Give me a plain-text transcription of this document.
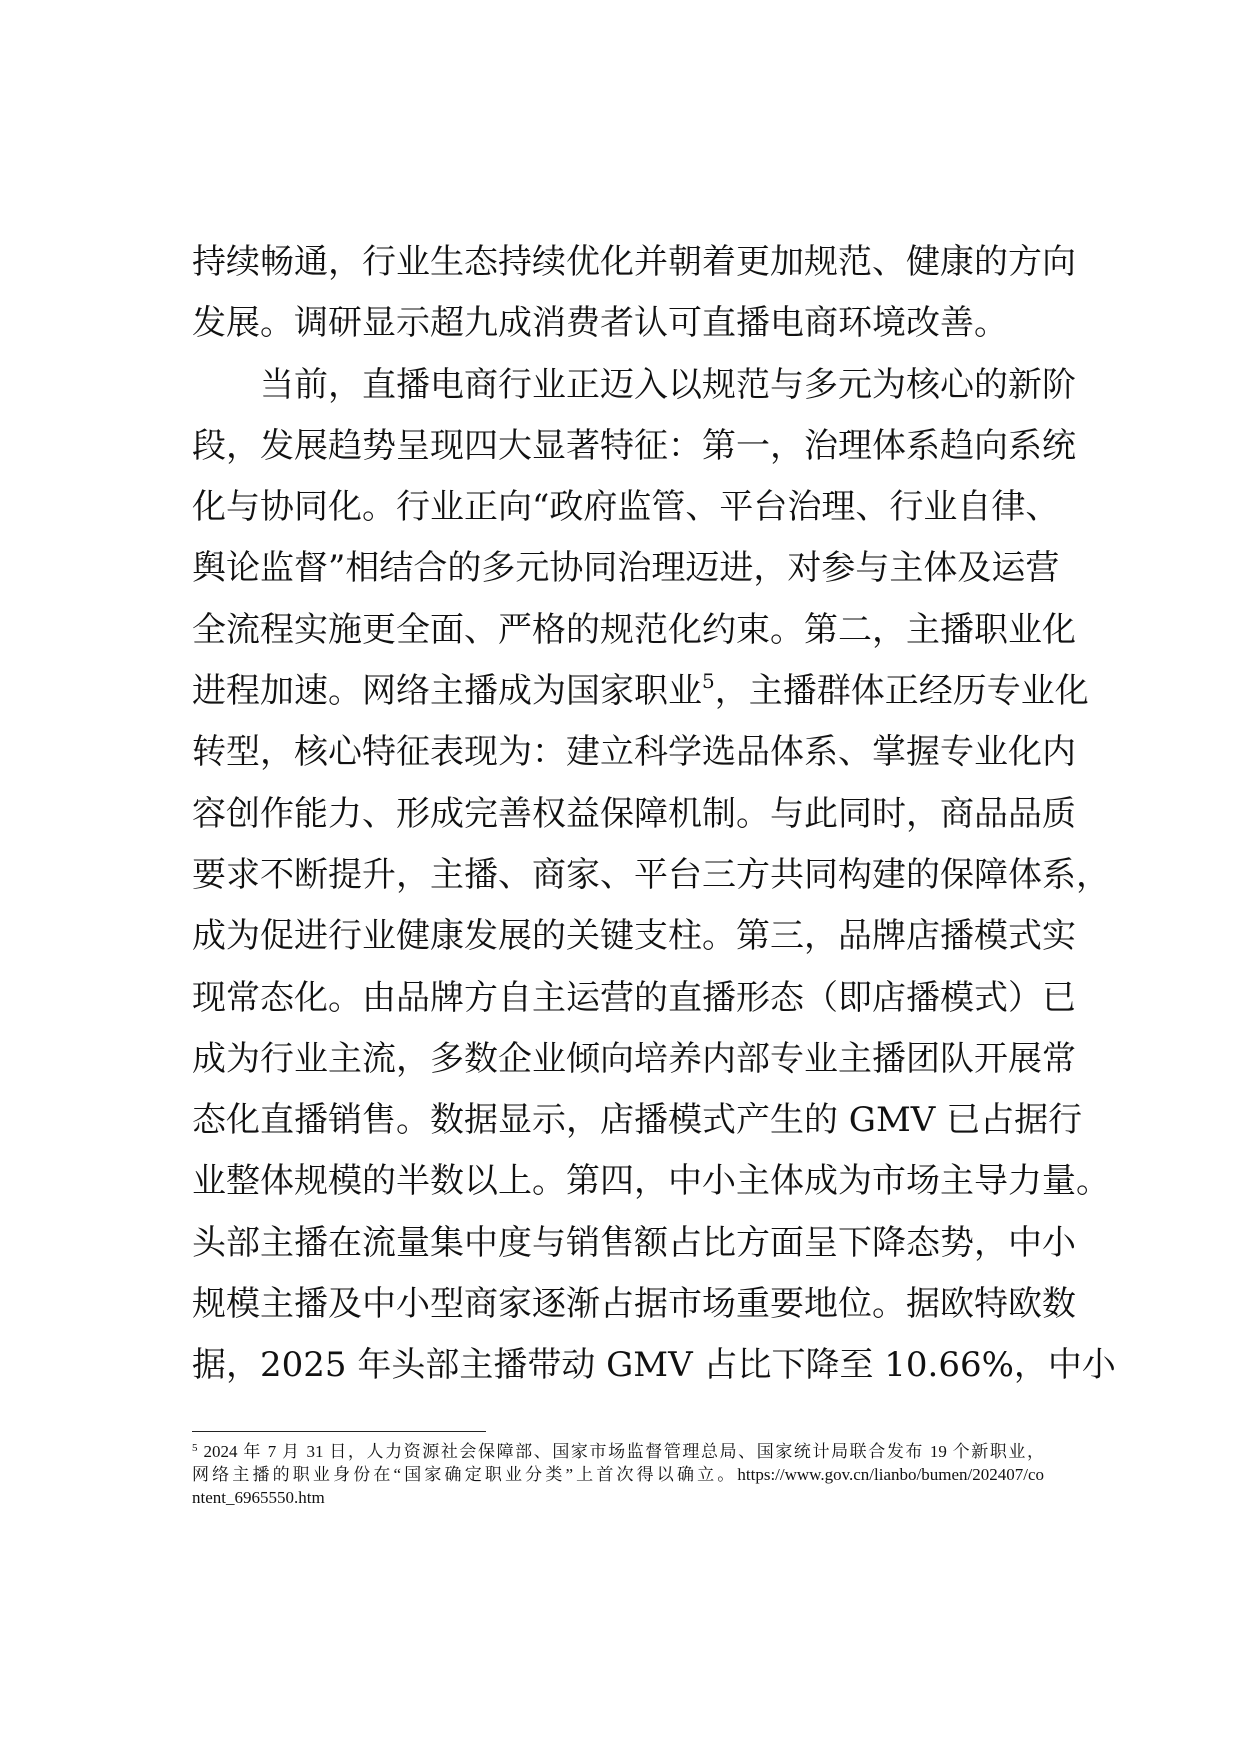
持续畅通，行业生态持续优化并朝着更加规范、健康的方向
发展。调研显示超九成消费者认可直播电商环境改善。
当前，直播电商行业正迈入以规范与多元为核心的新阶
段，发展趋势呈现四大显著特征：第一，治理体系趋向系统
化与协同化。行业正向“政府监管、平台治理、行业自律、
舆论监督”相结合的多元协同治理迈进，对参与主体及运营
全流程实施更全面、严格的规范化约束。第二，主播职业化
进程加速。网络主播成为国家职业$^5$，主播群体正经历专业化
转型，核心特征表现为：建立科学选品体系、掌握专业化内
容创作能力、形成完善权益保障机制。与此同时，商品品质
要求不断提升，主播、商家、平台三方共同构建的保障体系，
成为促进行业健康发展的关键支柱。第三，品牌店播模式实
现常态化。由品牌方自主运营的直播形态（即店播模式）已
成为行业主流，多数企业倾向培养内部专业主播团队开展常
态化直播销售。数据显示，店播模式产生的 GMV 已占据行
业整体规模的半数以上。第四，中小主体成为市场主导力量。
头部主播在流量集中度与销售额占比方面呈下降态势，中小
规模主播及中小型商家逐渐占据市场重要地位。据欧特欧数
据，2025 年头部主播带动 GMV 占比下降至 10.66%，中小
$^5$ 2024 年 7 月 31 日，人力资源社会保障部、国家市场监督管理总局、国家统计局联合发布 19 个新职业，
网络主播的职业身份在“国家确定职业分类”上首次得以确立。https://www.gov.cn/lianbo/bumen/202407/co
ntent_6965550.htm
